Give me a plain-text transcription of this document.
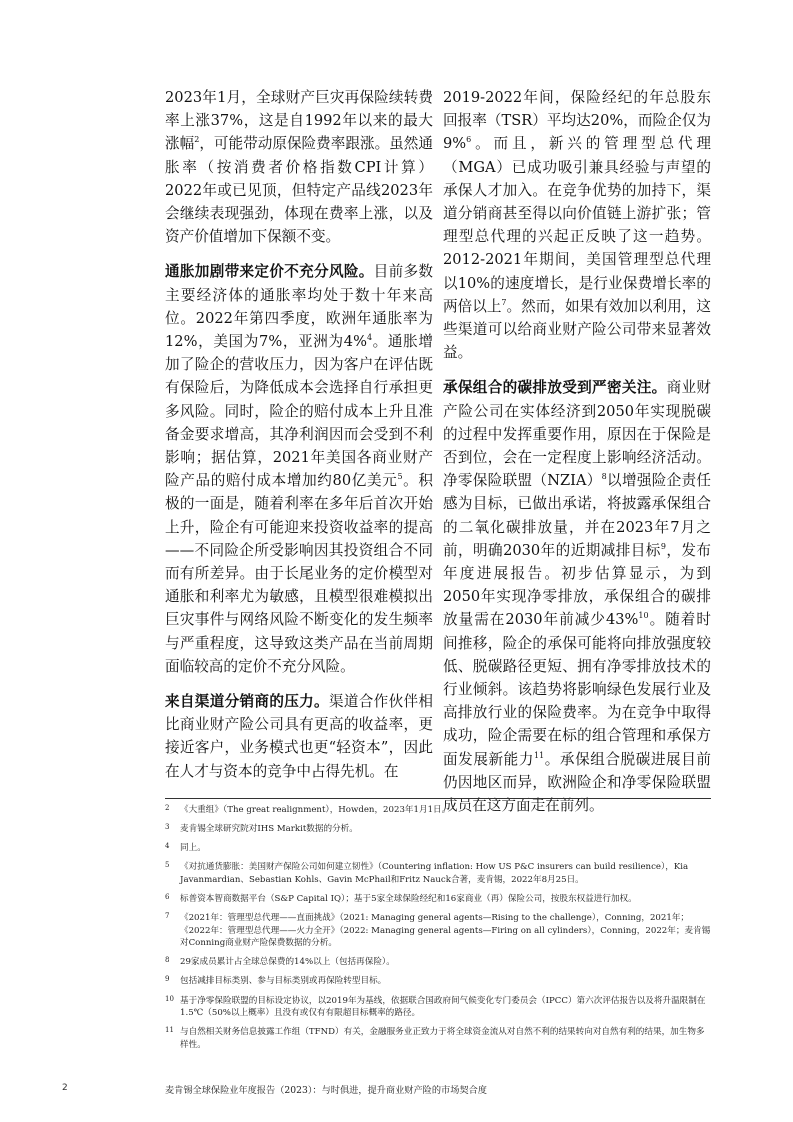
2023年1月，全球财产巨灾再保险续转费率上涨37%，这是自1992年以来的最大涨幅$^2$，可能带动原保险费率跟涨。虽然通胀率（按消费者价格指数CPI计算）2022年或已见顶，但特定产品线2023年会继续表现强劲，体现在费率上涨，以及资产价值增加下保额不变。

通胀加剧带来定价不充分风险。目前多数主要经济体的通胀率均处于数十年来高位。2022年第四季度，欧洲年通胀率为12%，美国为7%，亚洲为4%$^4$。通胀增加了险企的营收压力，因为客户在评估既有保险后，为降低成本会选择自行承担更多风险。同时，险企的赔付成本上升且准备金要求增高，其净利润因而会受到不利影响；据估算，2021年美国各商业财产险产品的赔付成本增加约80亿美元$^5$。积极的一面是，随着利率在多年后首次开始上升，险企有可能迎来投资收益率的提高——不同险企所受影响因其投资组合不同而有所差异。由于长尾业务的定价模型对通胀和利率尤为敏感，且模型很难模拟出巨灾事件与网络风险不断变化的发生频率与严重程度，这导致这类产品在当前周期面临较高的定价不充分风险。

来自渠道分销商的压力。渠道合作伙伴相比商业财产险公司具有更高的收益率，更接近客户，业务模式也更“轻资本”，因此在人才与资本的竞争中占得先机。在

2019-2022年间，保险经纪的年总股东回报率（TSR）平均达20%，而险企仅为9%$^6$。而且，新兴的管理型总代理（MGA）已成功吸引兼具经验与声望的承保人才加入。在竞争优势的加持下，渠道分销商甚至得以向价值链上游扩张；管理型总代理的兴起正反映了这一趋势。2012-2021年期间，美国管理型总代理以10%的速度增长，是行业保费增长率的两倍以上$^7$。然而，如果有效加以利用，这些渠道可以给商业财产险公司带来显著效益。

承保组合的碳排放受到严密关注。商业财产险公司在实体经济到2050年实现脱碳的过程中发挥重要作用，原因在于保险是否到位，会在一定程度上影响经济活动。净零保险联盟（NZIA）$^8$以增强险企责任感为目标，已做出承诺，将披露承保组合的二氧化碳排放量，并在2023年7月之前，明确2030年的近期减排目标$^9$，发布年度进展报告。初步估算显示，为到2050年实现净零排放，承保组合的碳排放量需在2030年前减少43%$^{10}$。随着时间推移，险企的承保可能将向排放强度较低、脱碳路径更短、拥有净零排放技术的行业倾斜。该趋势将影响绿色发展行业及高排放行业的保险费率。为在竞争中取得成功，险企需要在标的组合管理和承保方面发展新能力$^{11}$。承保组合脱碳进展目前仍因地区而异，欧洲险企和净零保险联盟成员在这方面走在前列。

2 《大重组》（The great realignment），Howden，2023年1月1日。
3 麦肯锡全球研究院对IHS Markit数据的分析。
4 同上。
5 《对抗通货膨胀：美国财产保险公司如何建立韧性》（Countering inflation: How US P&C insurers can build resilience），Kia Javanmardian、Sebastian Kohls、Gavin McPhail和Fritz Nauck合著，麦肯锡，2022年8月25日。
6 标普资本智商数据平台（S&P Capital IQ）；基于5家全球保险经纪和16家商业（再）保险公司，按股东权益进行加权。
7 《2021年：管理型总代理——直面挑战》（2021: Managing general agents—Rising to the challenge），Conning，2021年；《2022年：管理型总代理——火力全开》（2022: Managing general agents—Firing on all cylinders），Conning，2022年；麦肯锡对Conning商业财产险保费数据的分析。
8 29家成员累计占全球总保费的14%以上（包括再保险）。
9 包括减排目标类别、参与目标类别或再保险转型目标。
10 基于净零保险联盟的目标设定协议，以2019年为基线，依据联合国政府间气候变化专门委员会（IPCC）第六次评估报告以及将升温限制在1.5℃（50%以上概率）且没有或仅有有限超目标概率的路径。
11 与自然相关财务信息披露工作组（TFND）有关，金融服务业正致力于将全球资金流从对自然不利的结果转向对自然有利的结果，加生物多样性。
2	麦肯锡全球保险业年度报告（2023）：与时俱进，提升商业财产险的市场契合度
